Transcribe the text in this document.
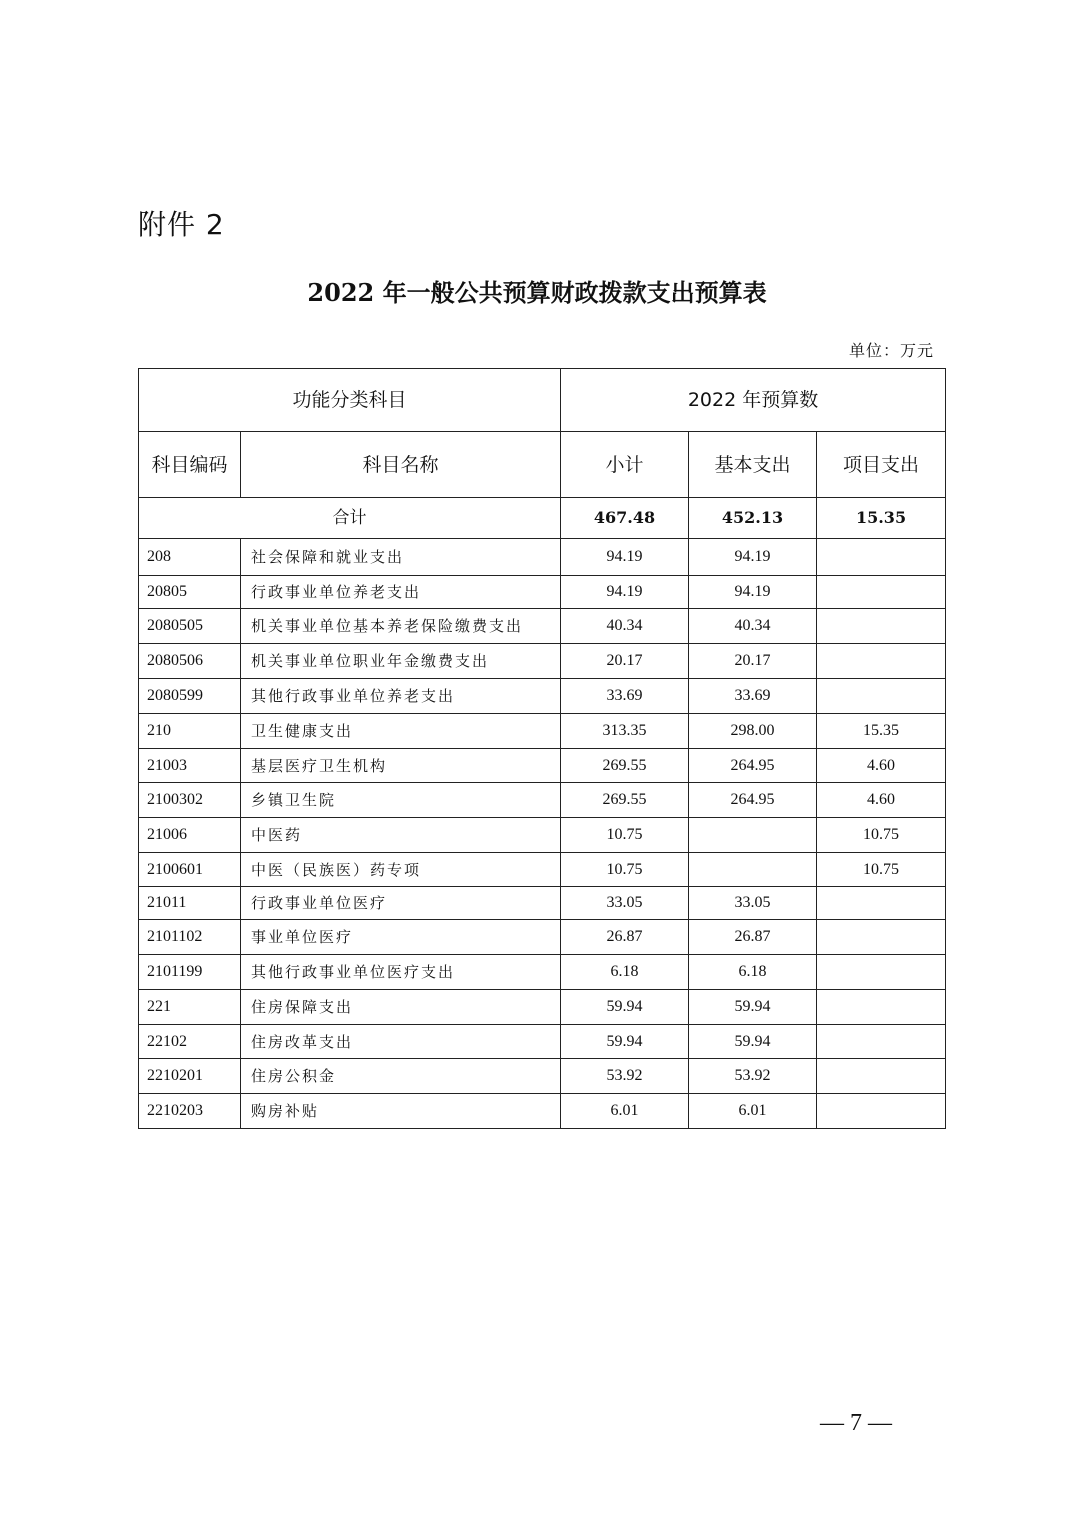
附件 2
2022 年一般公共预算财政拨款支出预算表
单位：万元
功能分类科目		2022 年预算数		
科目编码	科目名称	小计	基本支出	项目支出
合计		467.48	452.13	15.35
208	社会保障和就业支出	94.19	94.19	
20805	行政事业单位养老支出	94.19	94.19	
2080505	机关事业单位基本养老保险缴费支出	40.34	40.34	
2080506	机关事业单位职业年金缴费支出	20.17	20.17	
2080599	其他行政事业单位养老支出	33.69	33.69	
210	卫生健康支出	313.35	298.00	15.35
21003	基层医疗卫生机构	269.55	264.95	4.60
2100302	乡镇卫生院	269.55	264.95	4.60
21006	中医药	10.75		10.75
2100601	中医（民族医）药专项	10.75		10.75
21011	行政事业单位医疗	33.05	33.05	
2101102	事业单位医疗	26.87	26.87	
2101199	其他行政事业单位医疗支出	6.18	6.18	
221	住房保障支出	59.94	59.94	
22102	住房改革支出	59.94	59.94	
2210201	住房公积金	53.92	53.92	
2210203	购房补贴	6.01	6.01	
— 7 —
